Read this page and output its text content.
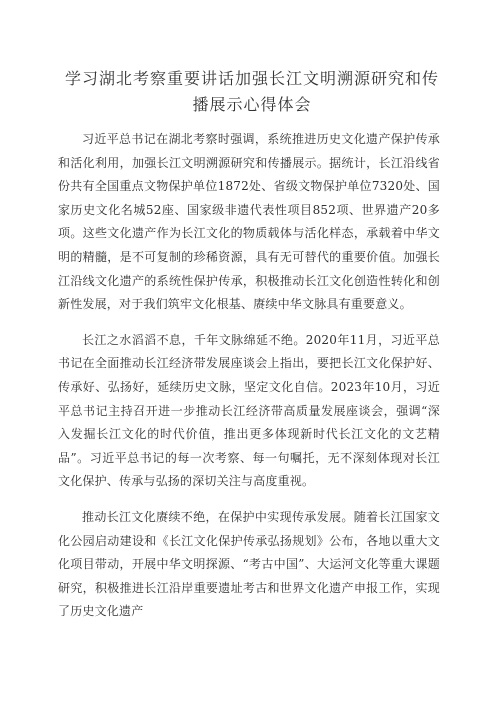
学习湖北考察重要讲话加强长江文明溯源研究和传
播展示心得体会

习近平总书记在湖北考察时强调，系统推进历史文化遗产保护传承和活化利用，加强长江文明溯源研究和传播展示。据统计，长江沿线省份共有全国重点文物保护单位1872处、省级文物保护单位7320处、国家历史文化名城52座、国家级非遗代表性项目852项、世界遗产20多项。这些文化遗产作为长江文化的物质载体与活化样态，承载着中华文明的精髓，是不可复制的珍稀资源，具有无可替代的重要价值。加强长江沿线文化遗产的系统性保护传承，积极推动长江文化创造性转化和创新性发展，对于我们筑牢文化根基、赓续中华文脉具有重要意义。

长江之水滔滔不息，千年文脉绵延不绝。2020年11月，习近平总书记在全面推动长江经济带发展座谈会上指出，要把长江文化保护好、传承好、弘扬好，延续历史文脉，坚定文化自信。2023年10月，习近平总书记主持召开进一步推动长江经济带高质量发展座谈会，强调“深入发掘长江文化的时代价值，推出更多体现新时代长江文化的文艺精品”。习近平总书记的每一次考察、每一句嘱托，无不深刻体现对长江文化保护、传承与弘扬的深切关注与高度重视。

推动长江文化赓续不绝，在保护中实现传承发展。随着长江国家文化公园启动建设和《长江文化保护传承弘扬规划》公布，各地以重大文化项目带动，开展中华文明探源、“考古中国”、大运河文化等重大课题研究，积极推进长江沿岸重要遗址考古和世界文化遗产申报工作，实现了历史文化遗产
